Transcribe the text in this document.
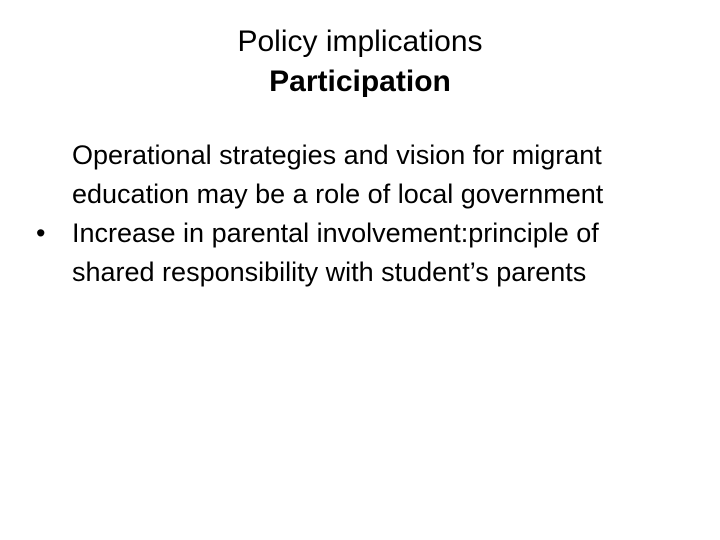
Policy implications
Participation
Operational strategies and vision for migrant education may be a role of local government
• Increase in parental involvement:principle of shared responsibility with student’s parents
